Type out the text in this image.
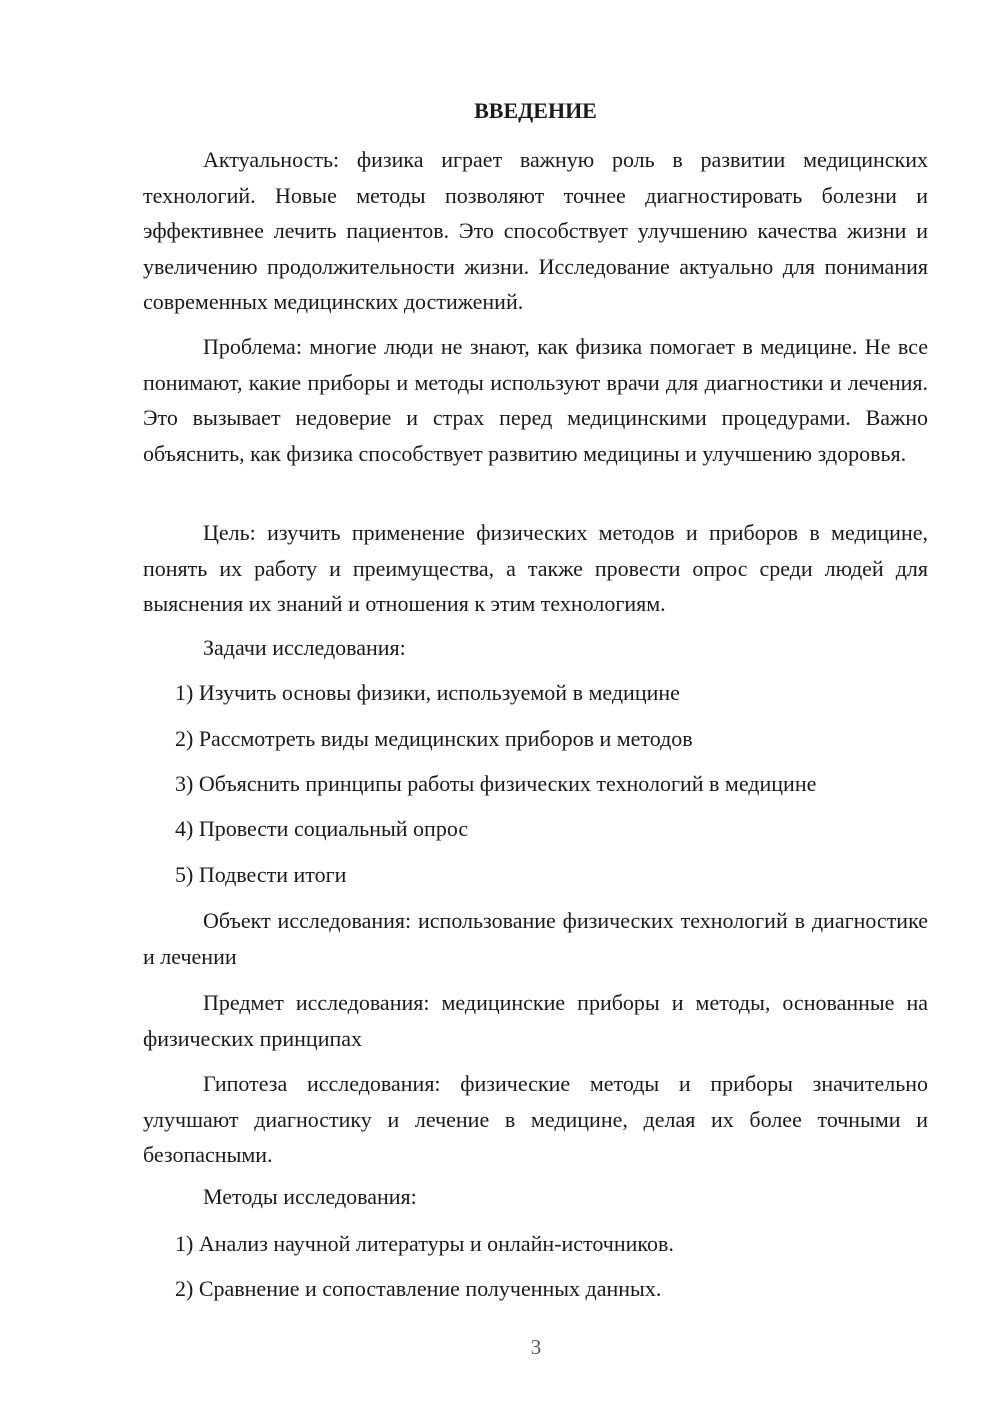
ВВЕДЕНИЕ

Актуальность: физика играет важную роль в развитии медицинских технологий. Новые методы позволяют точнее диагностировать болезни и эффективнее лечить пациентов. Это способствует улучшению качества жизни и увеличению продолжительности жизни. Исследование актуально для понимания современных медицинских достижений.

Проблема: многие люди не знают, как физика помогает в медицине. Не все понимают, какие приборы и методы используют врачи для диагностики и лечения. Это вызывает недоверие и страх перед медицинскими процедурами. Важно объяснить, как физика способствует развитию медицины и улучшению здоровья.

Цель: изучить применение физических методов и приборов в медицине, понять их работу и преимущества, а также провести опрос среди людей для выяснения их знаний и отношения к этим технологиям.

Задачи исследования:

1) Изучить основы физики, используемой в медицине

2) Рассмотреть виды медицинских приборов и методов

3) Объяснить принципы работы физических технологий в медицине

4) Провести социальный опрос

5) Подвести итоги

Объект исследования: использование физических технологий в диагностике и лечении

Предмет исследования: медицинские приборы и методы, основанные на физических принципах

Гипотеза исследования: физические методы и приборы значительно улучшают диагностику и лечение в медицине, делая их более точными и безопасными.

Методы исследования:

1) Анализ научной литературы и онлайн-источников.

2) Сравнение и сопоставление полученных данных.

3
